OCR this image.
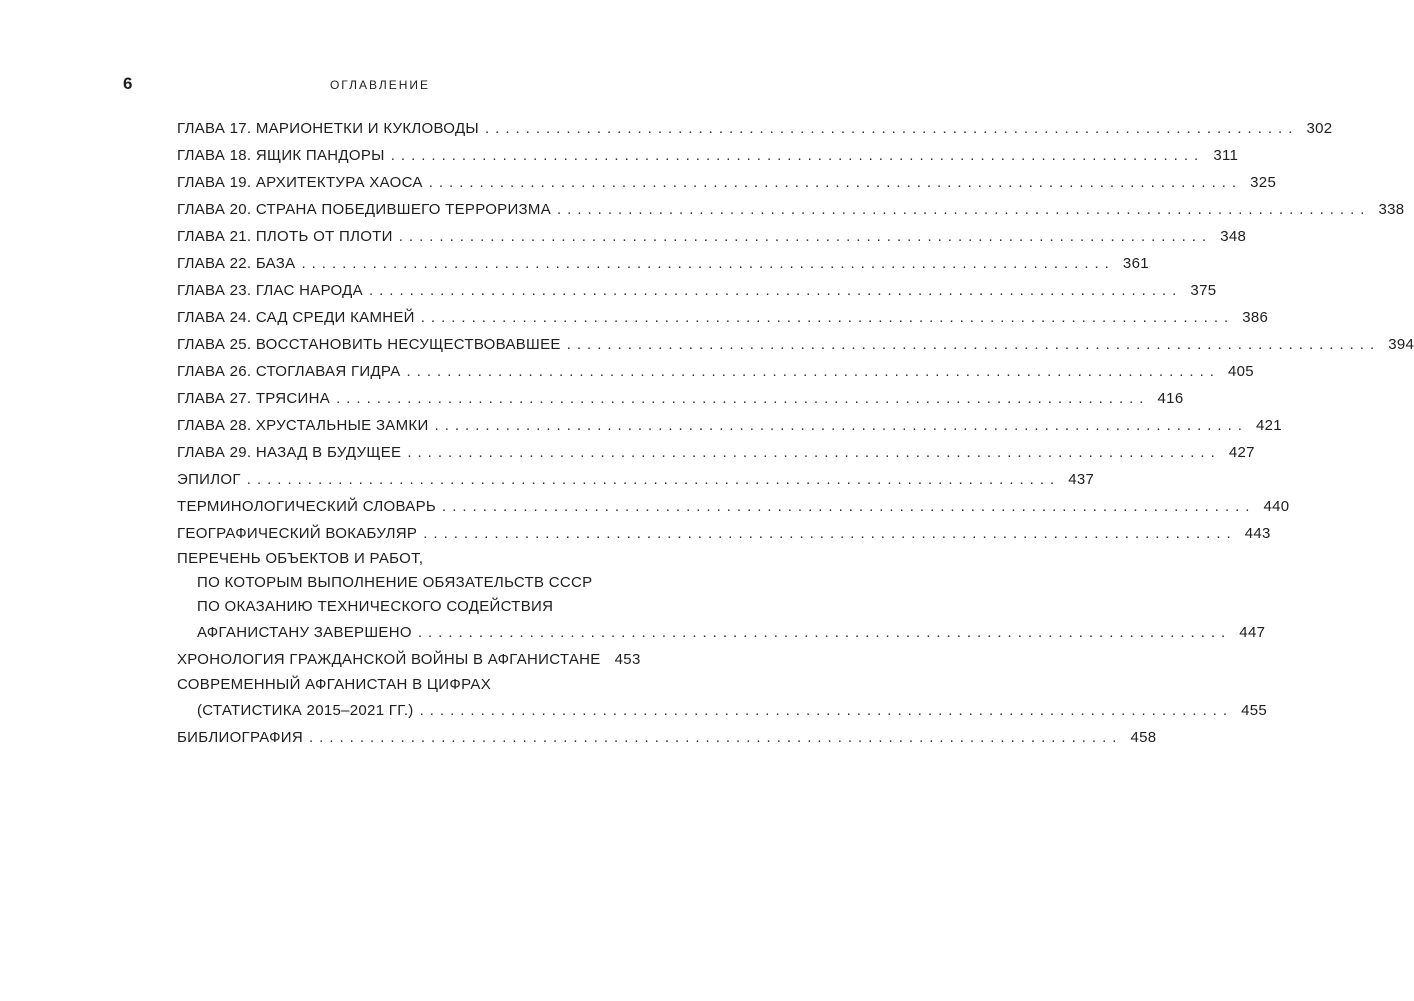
6	ОГЛАВЛЕНИЕ
ГЛАВА 17. МАРИОНЕТКИ И КУКЛОВОДЫ ................................................................................ 302
ГЛАВА 18. ЯЩИК ПАНДОРЫ ................................................................................ 311
ГЛАВА 19. АРХИТЕКТУРА ХАОСА ................................................................................ 325
ГЛАВА 20. СТРАНА ПОБЕДИВШЕГО ТЕРРОРИЗМА ................................................................................ 338
ГЛАВА 21. ПЛОТЬ ОТ ПЛОТИ ................................................................................ 348
ГЛАВА 22. БАЗА ................................................................................ 361
ГЛАВА 23. ГЛАС НАРОДА ................................................................................ 375
ГЛАВА 24. САД СРЕДИ КАМНЕЙ ................................................................................ 386
ГЛАВА 25. ВОССТАНОВИТЬ НЕСУЩЕСТВОВАВШЕЕ ................................................................................ 394
ГЛАВА 26. СТОГЛАВАЯ ГИДРА ................................................................................ 405
ГЛАВА 27. ТРЯСИНА ................................................................................ 416
ГЛАВА 28. ХРУСТАЛЬНЫЕ ЗАМКИ ................................................................................ 421
ГЛАВА 29. НАЗАД В БУДУЩЕЕ ................................................................................ 427
ЭПИЛОГ ................................................................................ 437
ТЕРМИНОЛОГИЧЕСКИЙ СЛОВАРЬ ................................................................................ 440
ГЕОГРАФИЧЕСКИЙ ВОКАБУЛЯР ................................................................................ 443
ПЕРЕЧЕНЬ ОБЪЕКТОВ И РАБОТ,
ПО КОТОРЫМ ВЫПОЛНЕНИЕ ОБЯЗАТЕЛЬСТВ СССР
ПО ОКАЗАНИЮ ТЕХНИЧЕСКОГО СОДЕЙСТВИЯ
АФГАНИСТАНУ ЗАВЕРШЕНО ................................................................................ 447
ХРОНОЛОГИЯ ГРАЖДАНСКОЙ ВОЙНЫ В АФГАНИСТАНЕ 453
СОВРЕМЕННЫЙ АФГАНИСТАН В ЦИФРАХ
(СТАТИСТИКА 2015–2021 ГГ.) ................................................................................ 455
БИБЛИОГРАФИЯ ................................................................................ 458
